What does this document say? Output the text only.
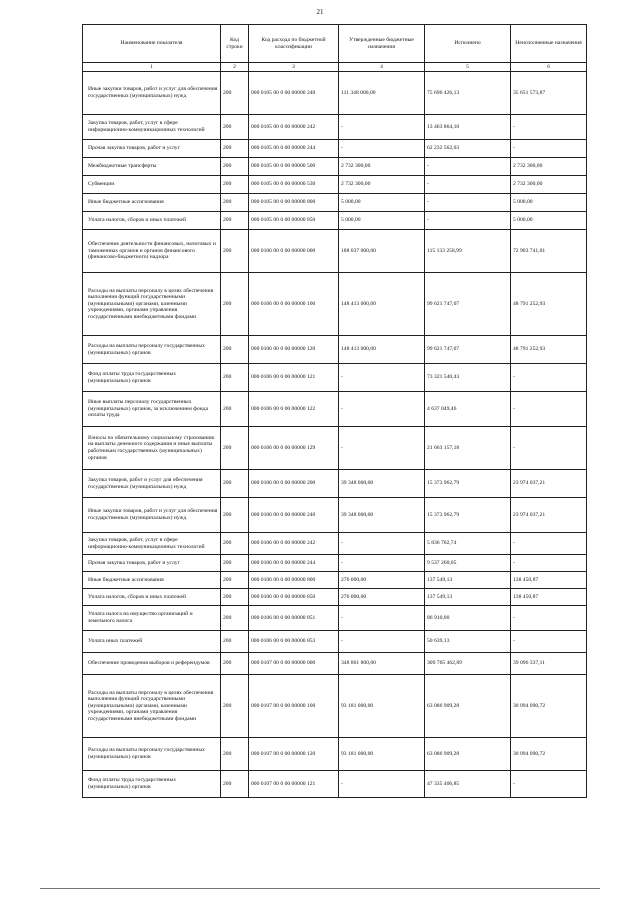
21
Наименование показателя	Код строки	Код расхода по бюджетной классификации	Утвержденные бюджетные назначения	Исполнено	Неисполненные назначения
1	2	3	4	5	6
Иные закупки товаров, работ и услуг для обеспечения государственных (муниципальных) нужд	200	000 0105 00 0 00 00000 240	111 348 000,00	75 696 426,13	35 651 573,87
Закупка товаров, работ, услуг в сфере информационно-коммуникационных технологий	200	000 0105 00 0 00 00000 242	-	13 463 864,10	-
Прочая закупка товаров, работ и услуг	200	000 0105 00 0 00 00000 244	-	62 232 562,03	-
Межбюджетные трансферты	200	000 0105 00 0 00 00000 500	2 732 300,00	-	2 732 300,00
Субвенции	200	000 0105 00 0 00 00000 530	2 732 300,00	-	2 732 300,00
Иные бюджетные ассигнования	200	000 0105 00 0 00 00000 800	5 000,00	-	5 000,00
Уплата налогов, сборов и иных платежей	200	000 0105 00 0 00 00000 850	5 000,00	-	5 000,00
Обеспечение деятельности финансовых, налоговых и таможенных органов и органов финансового (финансово-бюджетного) надзора	200	000 0106 00 0 00 00000 000	188 037 000,00	115 133 258,99	72 903 741,01
Расходы на выплаты персоналу в целях обеспечения выполнения функций государственными (муниципальными) органами, казенными учреждениями, органами управления государственными внебюджетными фондами	200	000 0106 00 0 00 00000 100	148 413 000,00	99 621 747,07	48 791 252,93
Расходы на выплаты персоналу государственных (муниципальных) органов	200	000 0106 00 0 00 00000 120	148 413 000,00	99 621 747,07	48 791 252,93
Фонд оплаты труда государственных (муниципальных) органов	200	000 0106 00 0 00 00000 121	-	73 321 540,43	-
Иные выплаты персоналу государственных (муниципальных) органов, за исключением фонда оплаты труда	200	000 0106 00 0 00 00000 122	-	4 637 049,46	-
Взносы по обязательному социальному страхованию на выплаты денежного содержания и иные выплаты работникам государственных (муниципальных) органов	200	000 0106 00 0 00 00000 129	-	21 663 157,18	-
Закупка товаров, работ и услуг для обеспечения государственных (муниципальных) нужд	200	000 0106 00 0 00 00000 200	39 348 000,00	15 373 962,79	23 974 037,21
Иные закупки товаров, работ и услуг для обеспечения государственных (муниципальных) нужд	200	000 0106 00 0 00 00000 240	39 348 000,00	15 373 962,79	23 974 037,21
Закупка товаров, работ, услуг в сфере информационно-коммуникационных технологий	200	000 0106 00 0 00 00000 242	-	5 836 702,74	-
Прочая закупка товаров, работ и услуг	200	000 0106 00 0 00 00000 244	-	9 537 260,05	-
Иные бюджетные ассигнования	200	000 0106 00 0 00 00000 800	276 000,00	137 549,13	138 450,87
Уплата налогов, сборов и иных платежей	200	000 0106 00 0 00 00000 850	276 000,00	137 549,13	138 450,87
Уплата налога на имущество организаций и земельного налога	200	000 0106 00 0 00 00000 851	-	86 910,00	-
Уплата иных платежей	200	000 0106 00 0 00 00000 853	-	50 639,13	-
Обеспечение проведения выборов и референдумов	200	000 0107 00 0 00 00000 000	348 861 800,00	309 765 462,89	39 096 337,11
Расходы на выплаты персоналу в целях обеспечения выполнения функций государственными (муниципальными) органами, казенными учреждениями, органами управления государственными внебюджетными фондами	200	000 0107 00 0 00 00000 100	93 181 000,00	63 086 909,28	30 094 090,72
Расходы на выплаты персоналу государственных (муниципальных) органов	200	000 0107 00 0 00 00000 120	93 181 000,00	63 086 909,28	30 094 090,72
Фонд оплаты труда государственных (муниципальных) органов	200	000 0107 00 0 00 00000 121	-	47 335 406,85	-
